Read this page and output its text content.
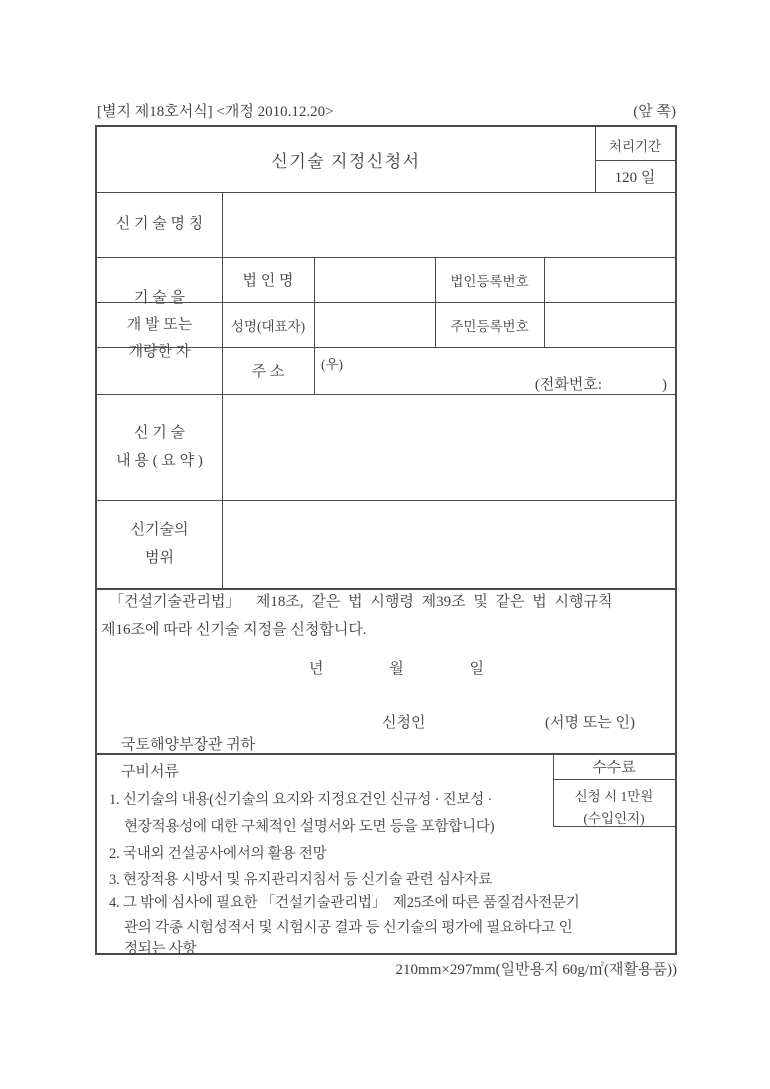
[별지 제18호서식] <개정 2010.12.20>	(앞 쪽)
신기술 지정신청서
처리기간
120 일
신 기 술 명 칭
기 술 을
개 발 또는
개량한 자
법 인 명	법인등록번호
성명(대표자)	주민등록번호
주 소	(우)
(전화번호:                )
신 기 술
내 용 ( 요 약 )
신기술의
범위
「건설기술관리법」  제18조, 같은 법 시행령 제39조 및 같은 법 시행규칙
제16조에 따라 신기술 지정을 신청합니다.
년	월	일
신청인	(서명 또는 인)
국토해양부장관 귀하
구비서류	수수료
신청 시 1만원
(수입인지)
1. 신기술의 내용(신기술의 요지와 지정요건인 신규성 · 진보성 ·
현장적용성에 대한 구체적인 설명서와 도면 등을 포함합니다)
2. 국내외 건설공사에서의 활용 전망
3. 현장적용 시방서 및 유지관리지침서 등 신기술 관련 심사자료
4. 그 밖에 심사에 필요한 「건설기술관리법」  제25조에 따른 품질검사전문기
관의 각종 시험성적서 및 시험시공 결과 등 신기술의 평가에 필요하다고 인
정되는 사항
210mm×297mm(일반용지 60g/㎡(재활용품))
